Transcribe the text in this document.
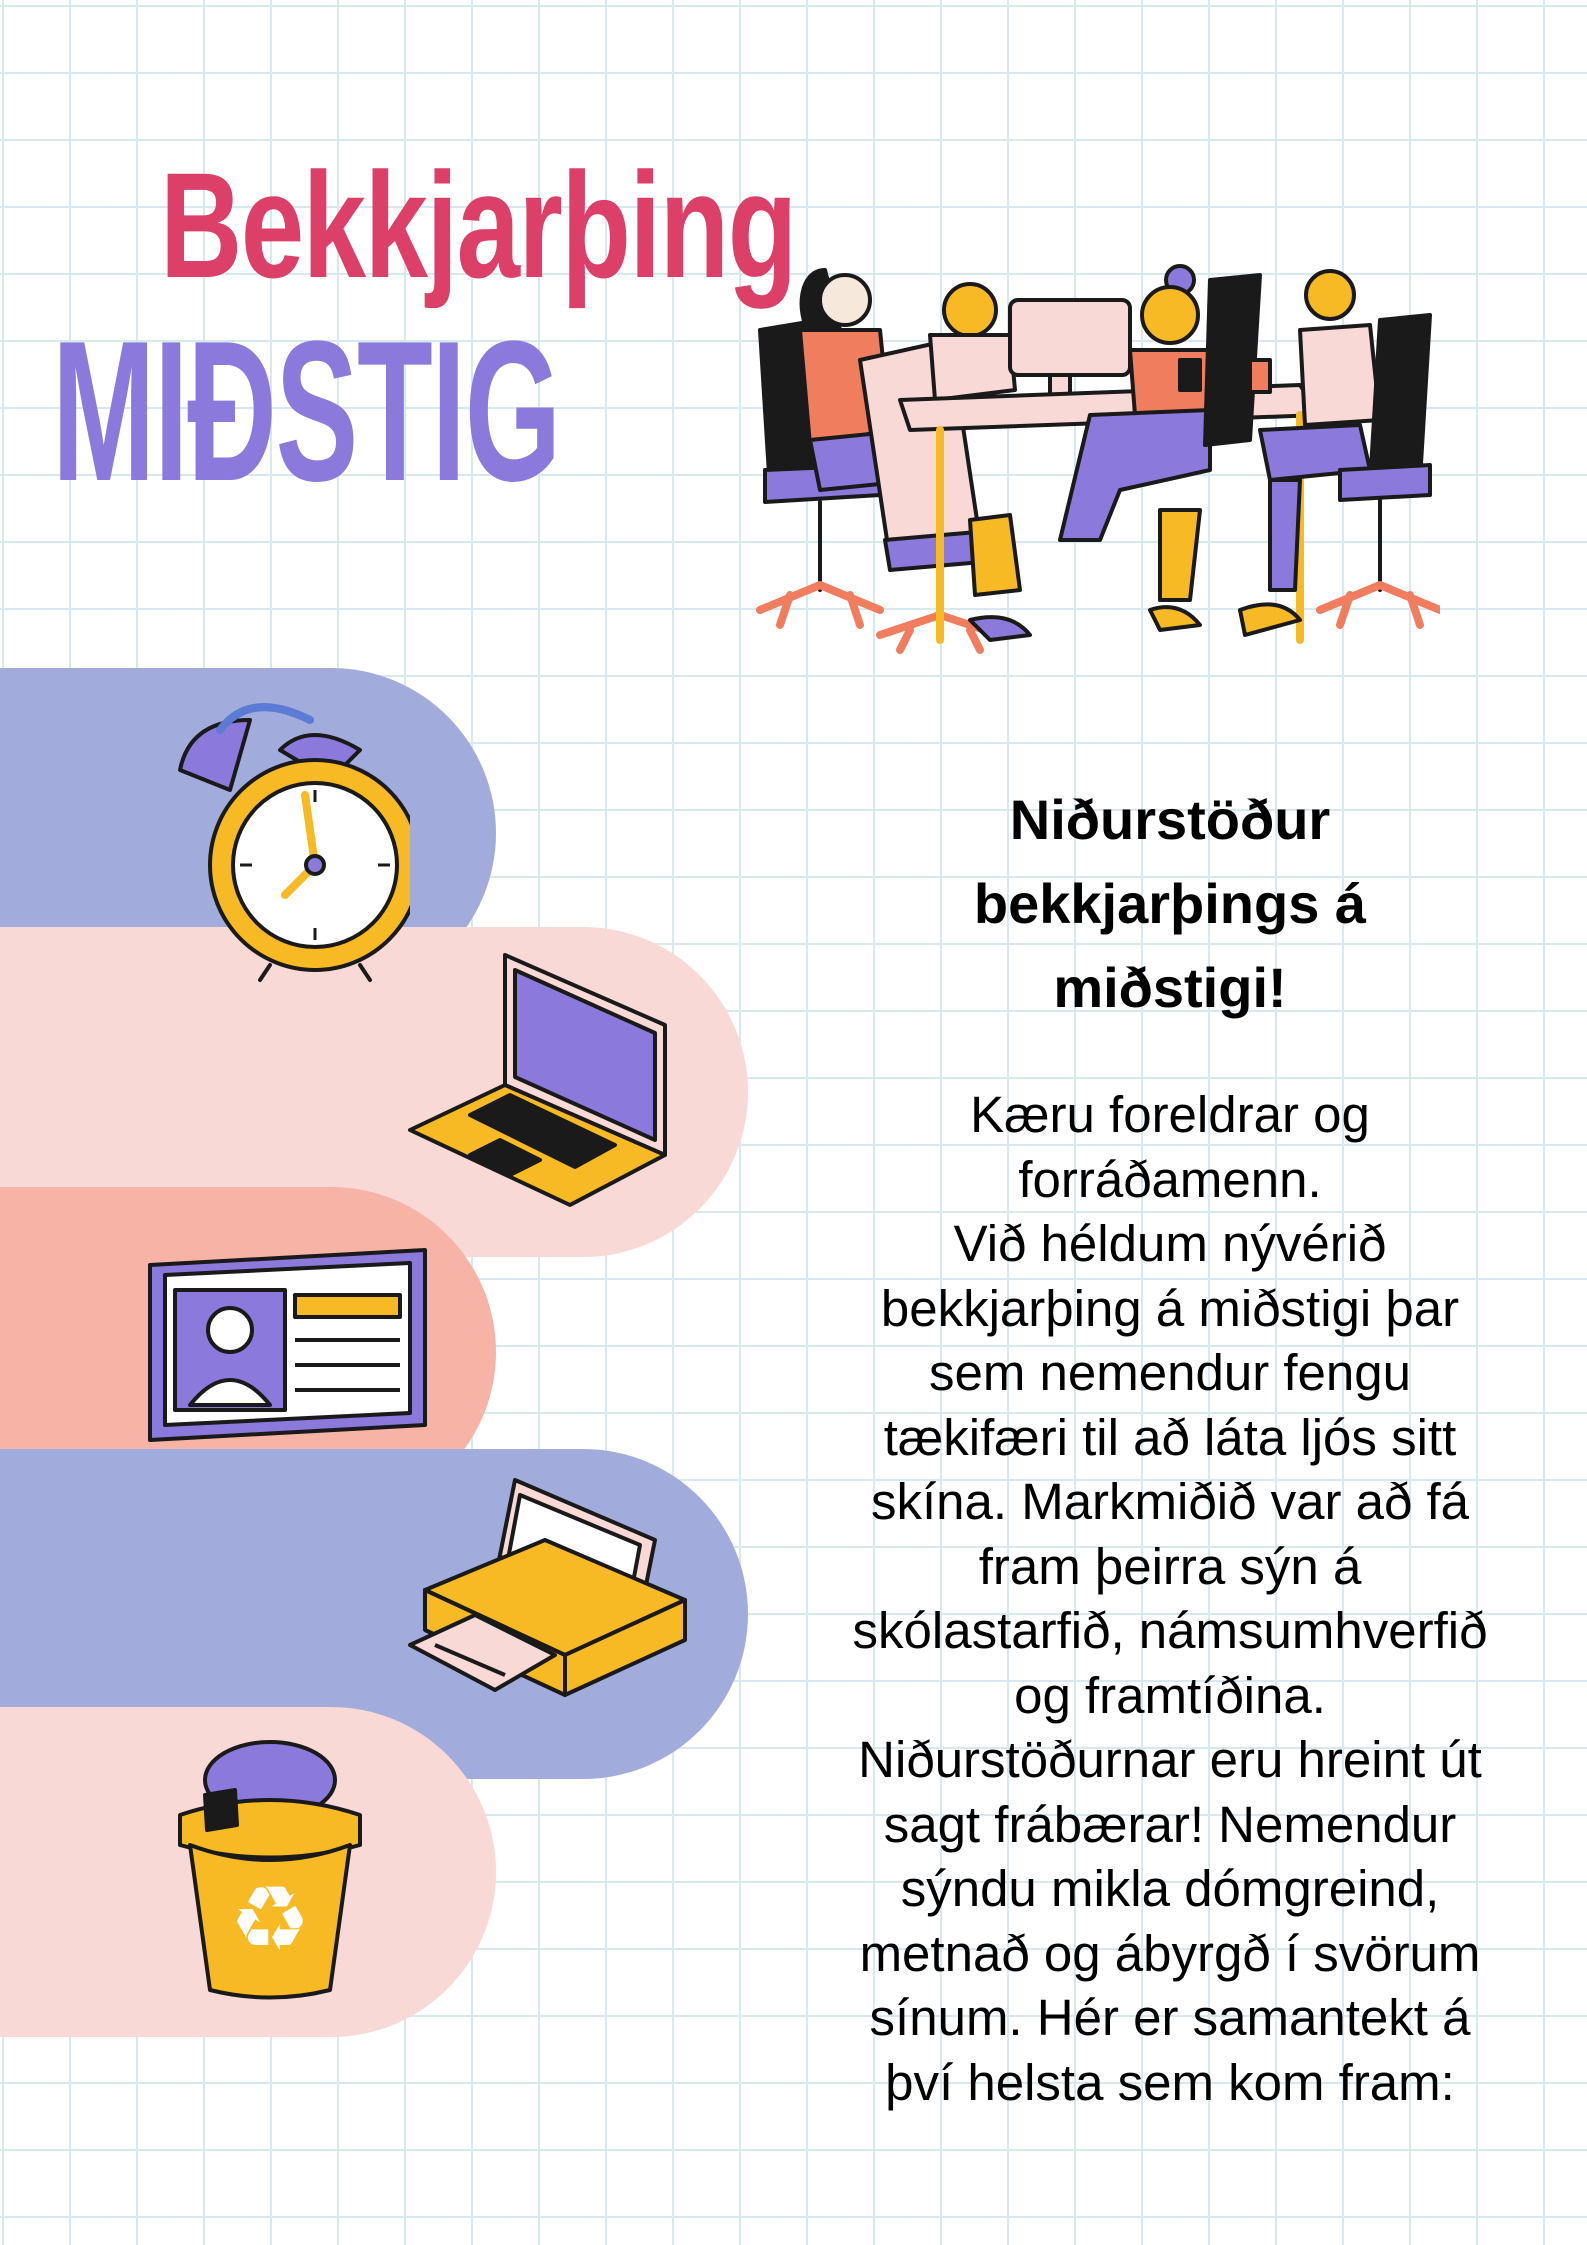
Bekkjarþing
MIÐSTIG
♻
Niðurstöður
bekkjarþings á
miðstigi!
Kæru foreldrar og
forráðamenn.
Við héldum nývérið
bekkjarþing á miðstigi þar
sem nemendur fengu
tækifæri til að láta ljós sitt
skína. Markmiðið var að fá
fram þeirra sýn á
skólastarfið, námsumhverfið
og framtíðina.
Niðurstöðurnar eru hreint út
sagt frábærar! Nemendur
sýndu mikla dómgreind,
metnað og ábyrgð í svörum
sínum. Hér er samantekt á
því helsta sem kom fram:
